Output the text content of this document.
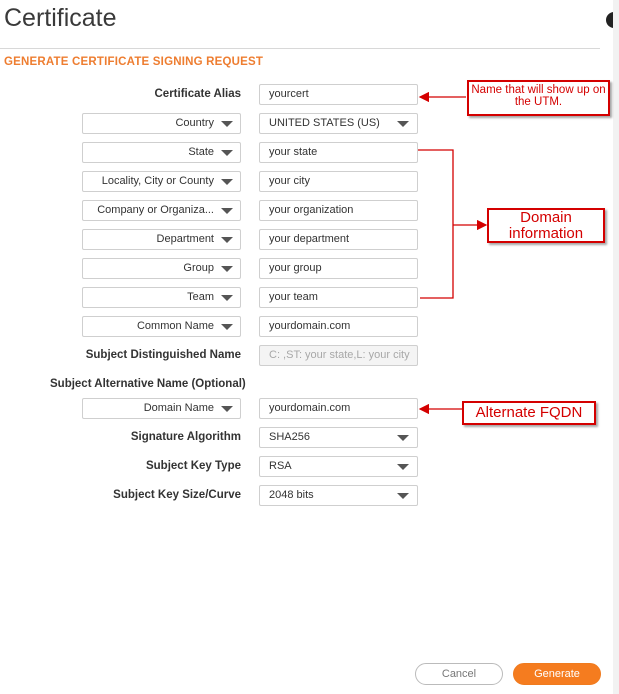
Certificate
GENERATE CERTIFICATE SIGNING REQUEST
Certificate Alias	yourcert
Country	UNITED STATES (US)
State	your state
Locality, City or County	your city
Company or Organiza...	your organization
Department	your department
Group	your group
Team	your team
Common Name	yourdomain.com
Subject Distinguished Name	C: ,ST: your state,L: your city
Subject Alternative Name (Optional)
Domain Name	yourdomain.com
Signature Algorithm	SHA256
Subject Key Type	RSA
Subject Key Size/Curve	2048 bits
Name that will show up on the UTM.
Domain information
Alternate FQDN
Cancel	Generate
